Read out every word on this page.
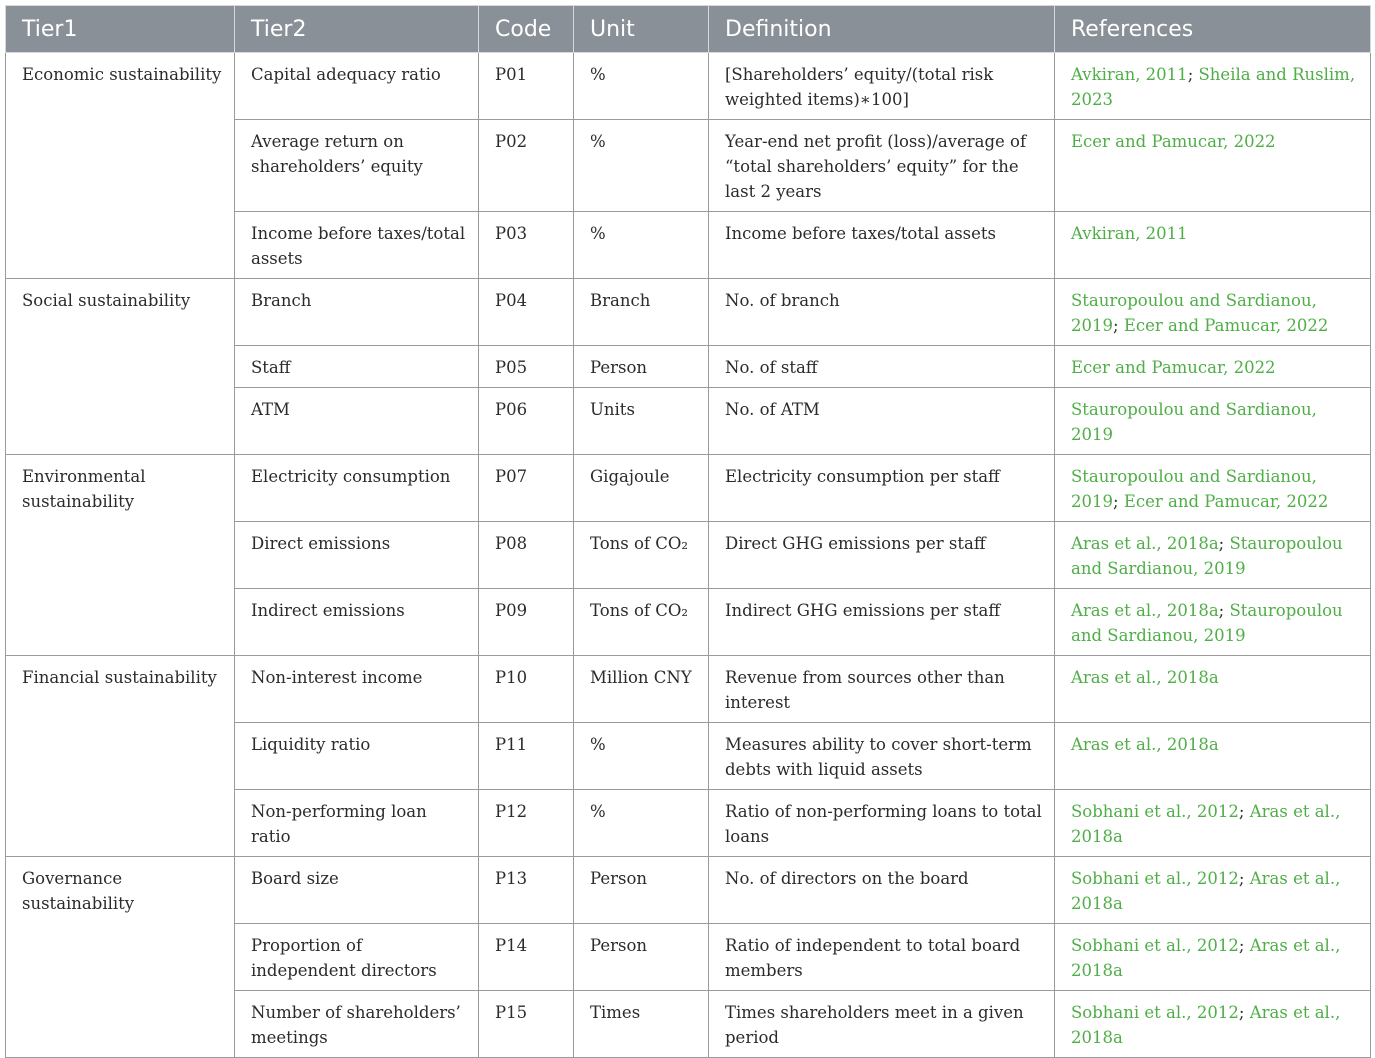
Tier1	Tier2	Code	Unit	Definition	References
Economic sustainability	Capital adequacy ratio	P01	%	[Shareholders’ equity/(total risk weighted items)∗100]	Avkiran, 2011; Sheila and Ruslim, 2023
	Average return on shareholders’ equity	P02	%	Year-end net profit (loss)/average of “total shareholders’ equity” for the last 2 years	Ecer and Pamucar, 2022
	Income before taxes/total assets	P03	%	Income before taxes/total assets	Avkiran, 2011
Social sustainability	Branch	P04	Branch	No. of branch	Stauropoulou and Sardianou, 2019; Ecer and Pamucar, 2022
	Staff	P05	Person	No. of staff	Ecer and Pamucar, 2022
	ATM	P06	Units	No. of ATM	Stauropoulou and Sardianou, 2019
Environmental sustainability	Electricity consumption	P07	Gigajoule	Electricity consumption per staff	Stauropoulou and Sardianou, 2019; Ecer and Pamucar, 2022
	Direct emissions	P08	Tons of CO₂	Direct GHG emissions per staff	Aras et al., 2018a; Stauropoulou and Sardianou, 2019
	Indirect emissions	P09	Tons of CO₂	Indirect GHG emissions per staff	Aras et al., 2018a; Stauropoulou and Sardianou, 2019
Financial sustainability	Non-interest income	P10	Million CNY	Revenue from sources other than interest	Aras et al., 2018a
	Liquidity ratio	P11	%	Measures ability to cover short-term debts with liquid assets	Aras et al., 2018a
	Non-performing loan ratio	P12	%	Ratio of non-performing loans to total loans	Sobhani et al., 2012; Aras et al., 2018a
Governance sustainability	Board size	P13	Person	No. of directors on the board	Sobhani et al., 2012; Aras et al., 2018a
	Proportion of independent directors	P14	Person	Ratio of independent to total board members	Sobhani et al., 2012; Aras et al., 2018a
	Number of shareholders’ meetings	P15	Times	Times shareholders meet in a given period	Sobhani et al., 2012; Aras et al., 2018a
